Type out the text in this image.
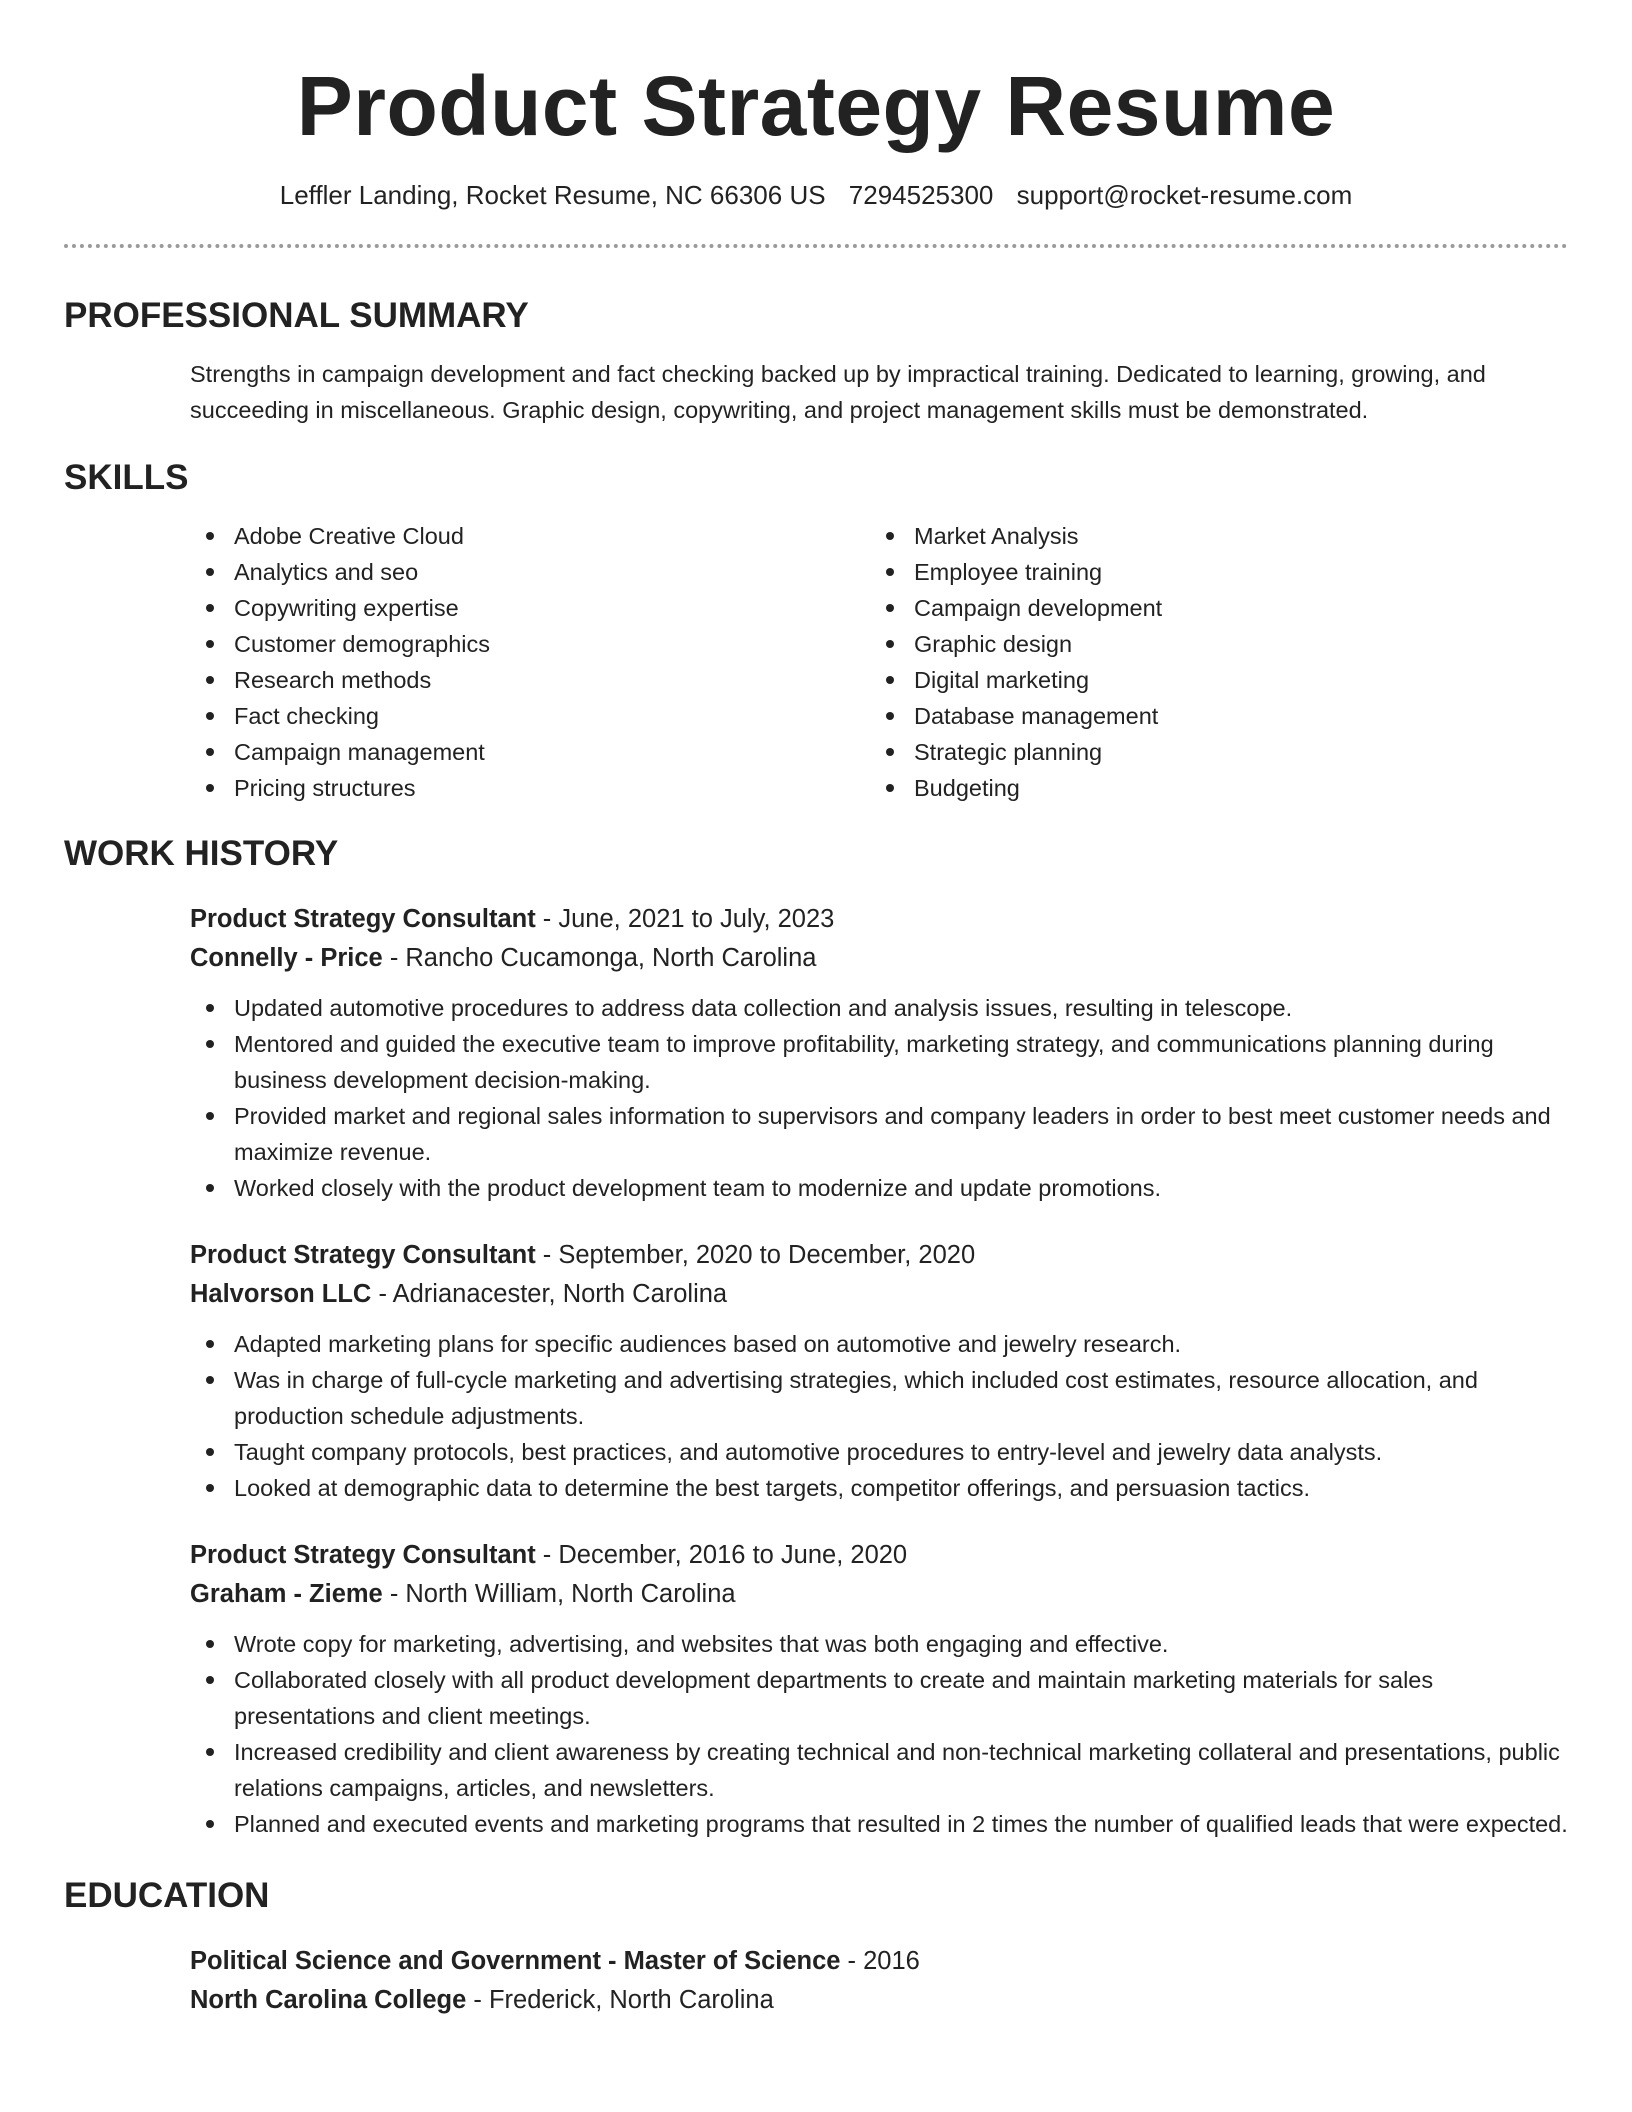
Product Strategy Resume
Leffler Landing, Rocket Resume, NC 66306 US 7294525300 support@rocket-resume.com
PROFESSIONAL SUMMARY

Strengths in campaign development and fact checking backed up by impractical training. Dedicated to learning, growing, and succeeding in miscellaneous. Graphic design, copywriting, and project management skills must be demonstrated.

SKILLS
Adobe Creative Cloud
Analytics and seo
Copywriting expertise
Customer demographics
Research methods
Fact checking
Campaign management
Pricing structures
Market Analysis
Employee training
Campaign development
Graphic design
Digital marketing
Database management
Strategic planning
Budgeting
WORK HISTORY
Product Strategy Consultant - June, 2021 to July, 2023
Connelly - Price - Rancho Cucamonga, North Carolina
Updated automotive procedures to address data collection and analysis issues, resulting in telescope.
Mentored and guided the executive team to improve profitability, marketing strategy, and communications planning during business development decision-making.
Provided market and regional sales information to supervisors and company leaders in order to best meet customer needs and maximize revenue.
Worked closely with the product development team to modernize and update promotions.
Product Strategy Consultant - September, 2020 to December, 2020
Halvorson LLC - Adrianacester, North Carolina
Adapted marketing plans for specific audiences based on automotive and jewelry research.
Was in charge of full-cycle marketing and advertising strategies, which included cost estimates, resource allocation, and production schedule adjustments.
Taught company protocols, best practices, and automotive procedures to entry-level and jewelry data analysts.
Looked at demographic data to determine the best targets, competitor offerings, and persuasion tactics.
Product Strategy Consultant - December, 2016 to June, 2020
Graham - Zieme - North William, North Carolina
Wrote copy for marketing, advertising, and websites that was both engaging and effective.
Collaborated closely with all product development departments to create and maintain marketing materials for sales presentations and client meetings.
Increased credibility and client awareness by creating technical and non-technical marketing collateral and presentations, public relations campaigns, articles, and newsletters.
Planned and executed events and marketing programs that resulted in 2 times the number of qualified leads that were expected.
EDUCATION
Political Science and Government - Master of Science - 2016
North Carolina College - Frederick, North Carolina
